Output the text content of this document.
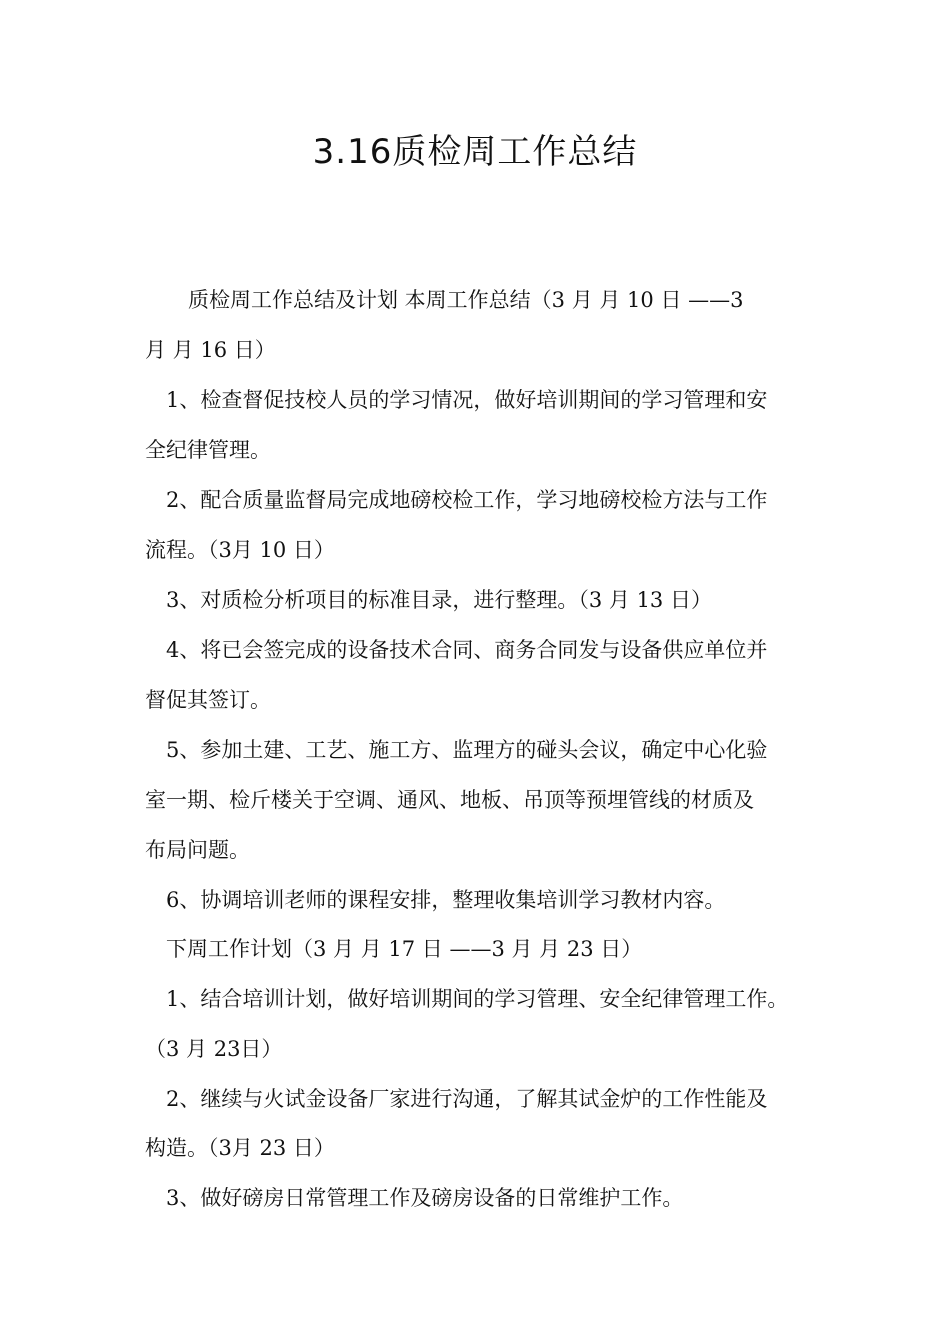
3.16质检周工作总结

质检周工作总结及计划 本周工作总结（3 月 月 10 日 ——3

月 月 16 日）

1、检查督促技校人员的学习情况，做好培训期间的学习管理和安

全纪律管理。

2、配合质量监督局完成地磅校检工作，学习地磅校检方法与工作

流程。（3月 10 日）

3、对质检分析项目的标准目录，进行整理。（3 月 13 日）

4、将已会签完成的设备技术合同、商务合同发与设备供应单位并

督促其签订。

5、参加土建、工艺、施工方、监理方的碰头会议，确定中心化验

室一期、检斤楼关于空调、通风、地板、吊顶等预埋管线的材质及

布局问题。

6、协调培训老师的课程安排，整理收集培训学习教材内容。

下周工作计划（3 月 月 17 日 ——3 月 月 23 日）

1、结合培训计划，做好培训期间的学习管理、安全纪律管理工作。

（3 月 23日）

2、继续与火试金设备厂家进行沟通，了解其试金炉的工作性能及

构造。（3月 23 日）

3、做好磅房日常管理工作及磅房设备的日常维护工作。
